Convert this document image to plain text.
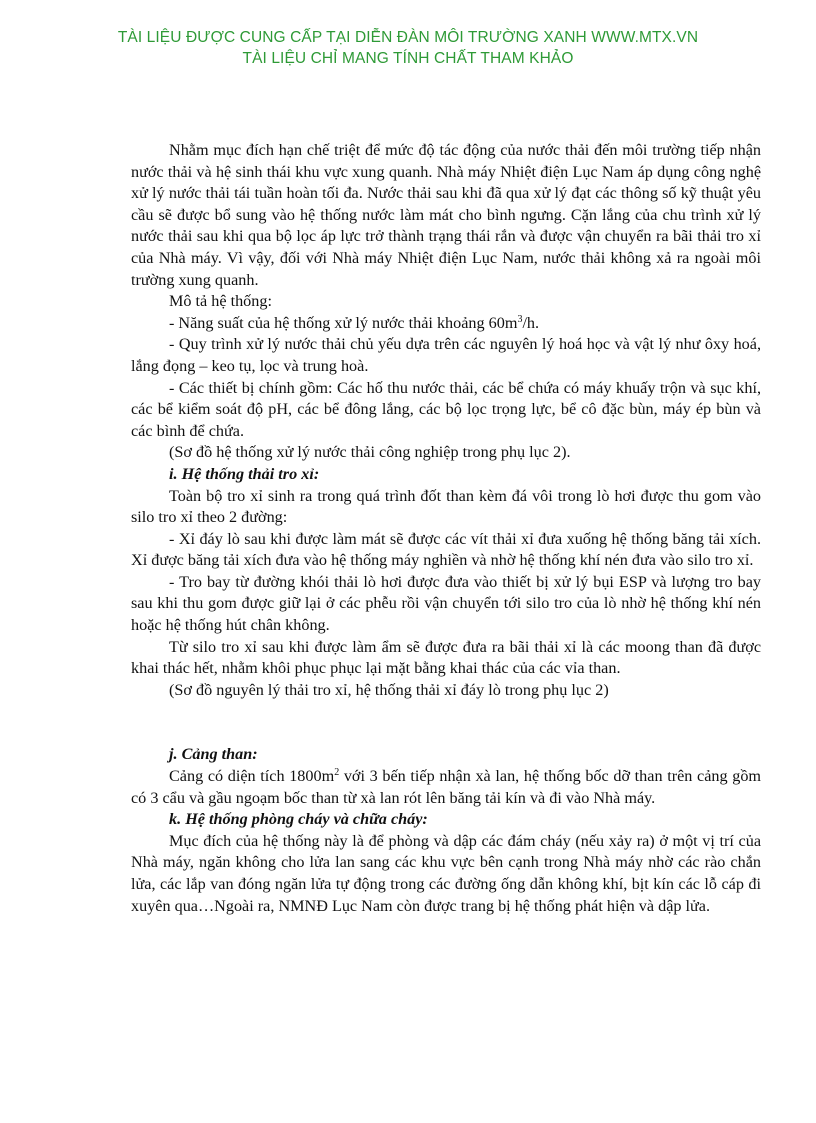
TÀI LIỆU ĐƯỢC CUNG CẤP TẠI DIỄN ĐÀN MÔI TRƯỜNG XANH WWW.MTX.VN
TÀI LIỆU CHỈ MANG TÍNH CHẤT THAM KHẢO

Nhằm mục đích hạn chế triệt để mức độ tác động của nước thải đến môi trường tiếp nhận nước thải và hệ sinh thái khu vực xung quanh. Nhà máy Nhiệt điện Lục Nam áp dụng công nghệ xử lý nước thải tái tuần hoàn tối đa. Nước thải sau khi đã qua xử lý đạt các thông số kỹ thuật yêu cầu sẽ được bổ sung vào hệ thống nước làm mát cho bình ngưng. Cặn lắng của chu trình xử lý nước thải sau khi qua bộ lọc áp lực trở thành trạng thái rắn và được vận chuyển ra bãi thải tro xỉ của Nhà máy. Vì vậy, đối với Nhà máy Nhiệt điện Lục Nam, nước thải không xả ra ngoài môi trường xung quanh.

Mô tả hệ thống:

- Năng suất của hệ thống xử lý nước thải khoảng $60m^3/h$.

- Quy trình xử lý nước thải chủ yếu dựa trên các nguyên lý hoá học và vật lý như ôxy hoá, lắng đọng – keo tụ, lọc và trung hoà.

- Các thiết bị chính gồm: Các hố thu nước thải, các bể chứa có máy khuấy trộn và sục khí, các bể kiểm soát độ pH, các bể đông lắng, các bộ lọc trọng lực, bể cô đặc bùn, máy ép bùn và các bình để chứa.

(Sơ đồ hệ thống xử lý nước thải công nghiệp trong phụ lục 2).

i. Hệ thống thải tro xỉ:

Toàn bộ tro xỉ sinh ra trong quá trình đốt than kèm đá vôi trong lò hơi được thu gom vào silo tro xỉ theo 2 đường:

- Xỉ đáy lò sau khi được làm mát sẽ được các vít thải xỉ đưa xuống hệ thống băng tải xích. Xỉ được băng tải xích đưa vào hệ thống máy nghiền và nhờ hệ thống khí nén đưa vào silo tro xỉ.

- Tro bay từ đường khói thải lò hơi được đưa vào thiết bị xử lý bụi ESP và lượng tro bay sau khi thu gom được giữ lại ở các phễu rồi vận chuyển tới silo tro của lò nhờ hệ thống khí nén hoặc hệ thống hút chân không.

Từ silo tro xỉ sau khi được làm ẩm sẽ được đưa ra bãi thải xỉ là các moong than đã được khai thác hết, nhằm khôi phục phục lại mặt bằng khai thác của các vỉa than.

(Sơ đồ nguyên lý thải tro xỉ, hệ thống thải xỉ đáy lò trong phụ lục 2)

j. Cảng than:

Cảng có diện tích $1800m^2$ với 3 bến tiếp nhận xà lan, hệ thống bốc dỡ than trên cảng gồm có 3 cẩu và gầu ngoạm bốc than từ xà lan rót lên băng tải kín và đi vào Nhà máy.

k. Hệ thống phòng cháy và chữa cháy:

Mục đích của hệ thống này là để phòng và dập các đám cháy (nếu xảy ra) ở một vị trí của Nhà máy, ngăn không cho lửa lan sang các khu vực bên cạnh trong Nhà máy nhờ các rào chắn lửa, các lắp van đóng ngăn lửa tự động trong các đường ống dẫn không khí, bịt kín các lỗ cáp đi xuyên qua…Ngoài ra, NMNĐ Lục Nam còn được trang bị hệ thống phát hiện và dập lửa.
